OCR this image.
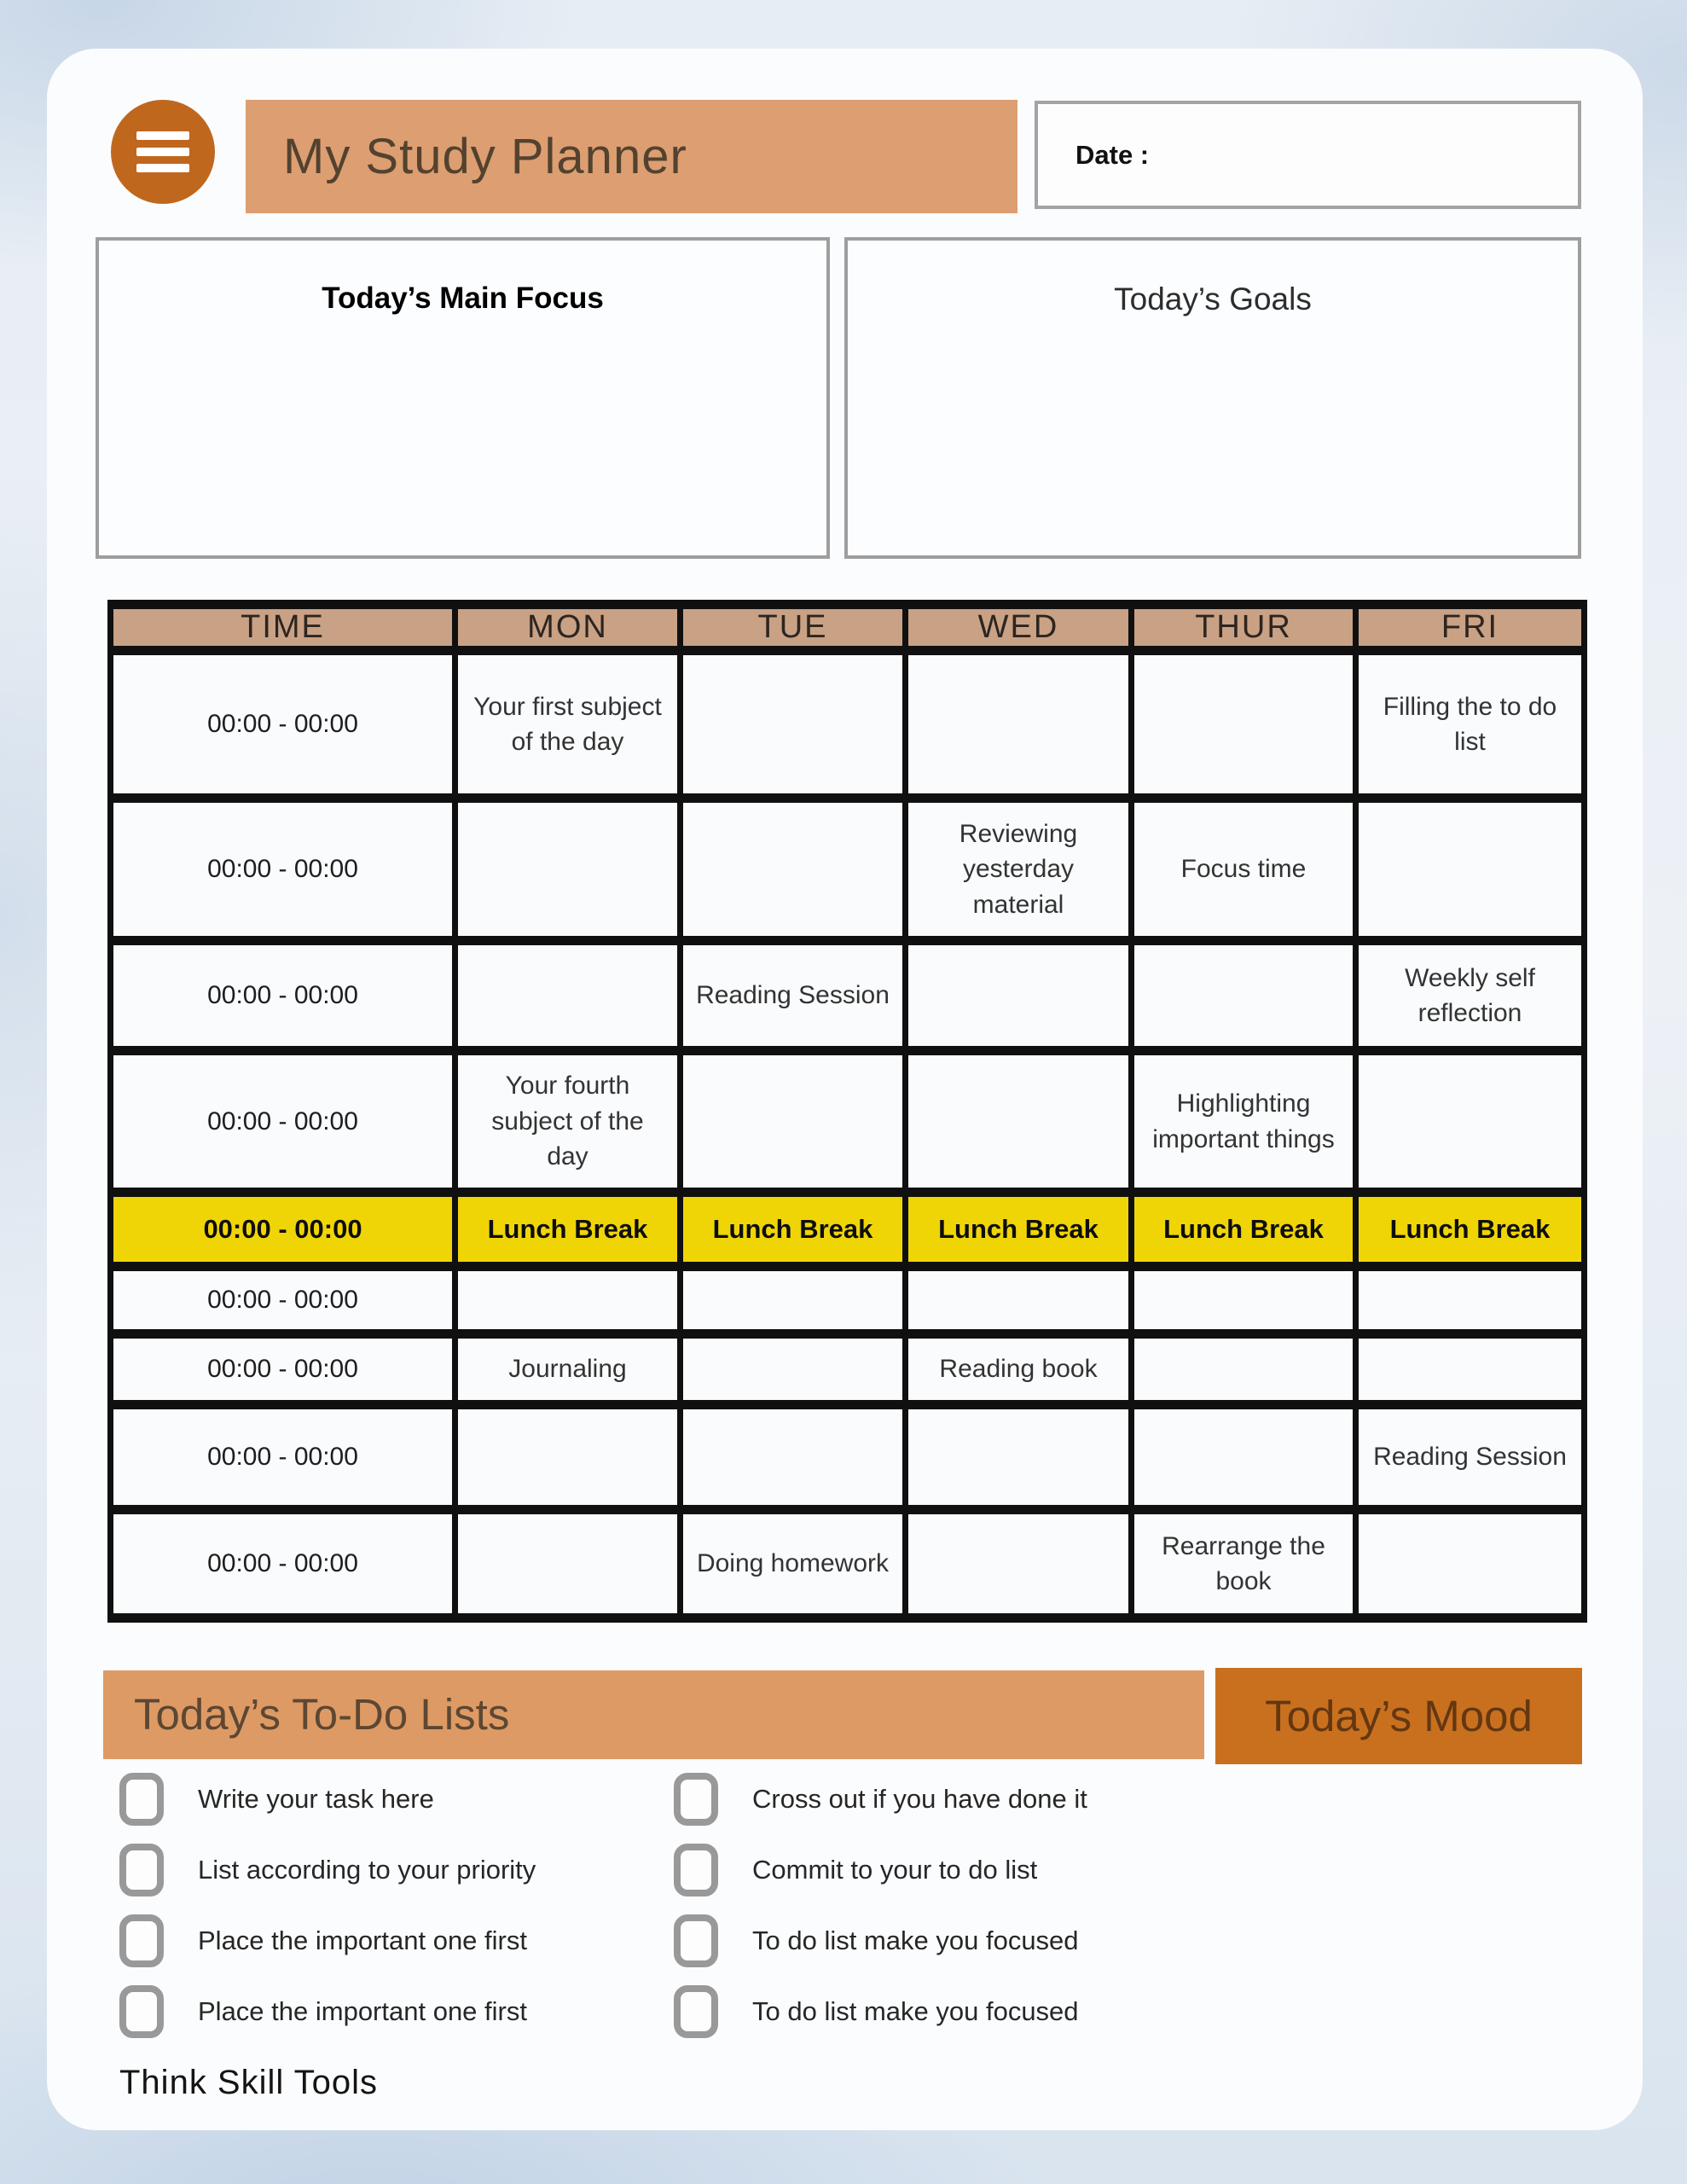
My Study Planner	Date :
Today’s Main Focus	Today’s Goals
TIME	MON	TUE	WED	THUR	FRI
00:00 - 00:00	Your first subject of the day				Filling the to do list
00:00 - 00:00			Reviewing yesterday material	Focus time	
00:00 - 00:00		Reading Session			Weekly self reflection
00:00 - 00:00	Your fourth subject of the day			Highlighting important things	
00:00 - 00:00	Lunch Break	Lunch Break	Lunch Break	Lunch Break	Lunch Break
00:00 - 00:00					
00:00 - 00:00	Journaling		Reading book		
00:00 - 00:00					Reading Session
00:00 - 00:00		Doing homework		Rearrange the book	
Today’s To-Do Lists	Today’s Mood
Write your task here
List according to your priority
Place the important one first
Place the important one first
Cross out if you have done it
Commit to your to do list
To do list make you focused
To do list make you focused
Think Skill Tools
